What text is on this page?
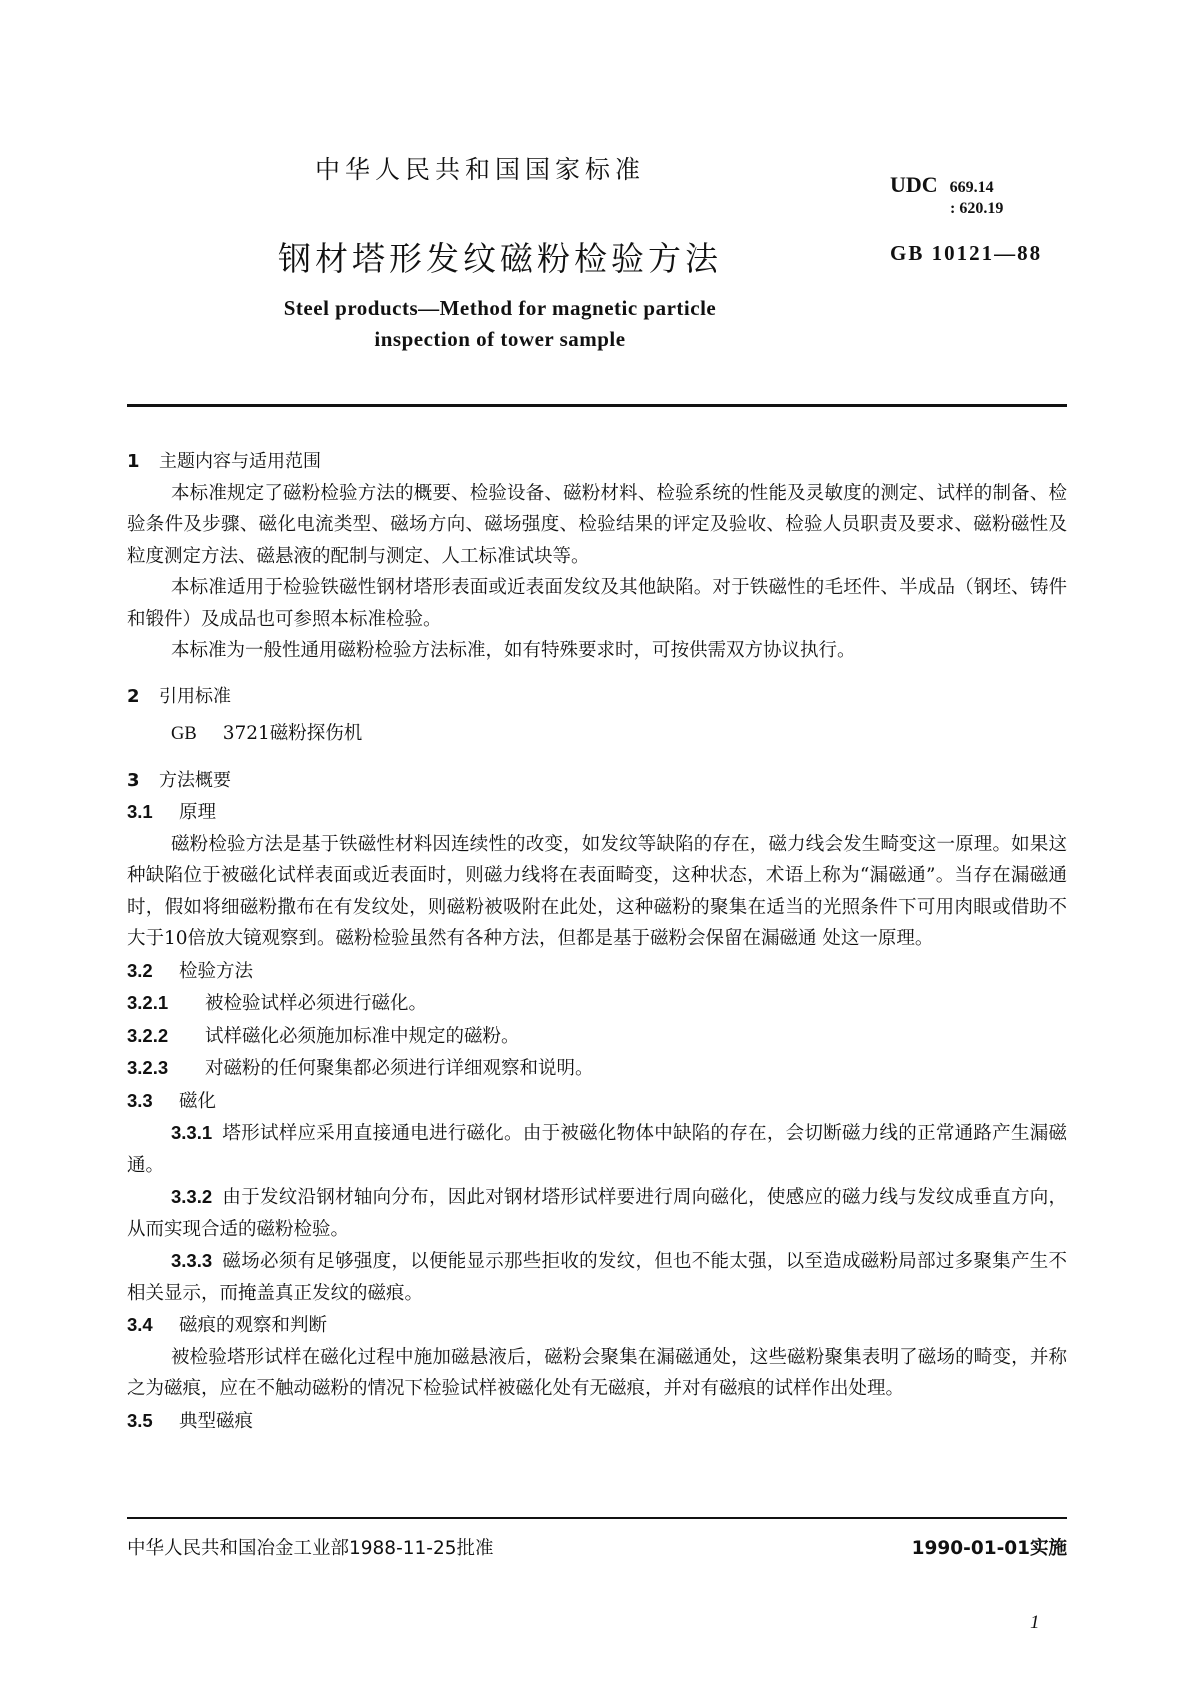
中华人民共和国国家标准
UDC 669.14
: 620.19
钢材塔形发纹磁粉检验方法	GB 10121—88
Steel products—Method for magnetic particle
inspection of tower sample
1 主题内容与适用范围

本标准规定了磁粉检验方法的概要、检验设备、磁粉材料、检验系统的性能及灵敏度的测定、试样的制备、检验条件及步骤、磁化电流类型、磁场方向、磁场强度、检验结果的评定及验收、检验人员职责及要求、磁粉磁性及粒度测定方法、磁悬液的配制与测定、人工标准试块等。

本标准适用于检验铁磁性钢材塔形表面或近表面发纹及其他缺陷。对于铁磁性的毛坯件、半成品（钢坯、铸件和锻件）及成品也可参照本标准检验。

本标准为一般性通用磁粉检验方法标准，如有特殊要求时，可按供需双方协议执行。

2 引用标准
GB 3721磁粉探伤机
3 方法概要
3.1 原理

磁粉检验方法是基于铁磁性材料因连续性的改变，如发纹等缺陷的存在，磁力线会发生畸变这一原理。如果这种缺陷位于被磁化试样表面或近表面时，则磁力线将在表面畸变，这种状态，术语上称为“漏磁通”。当存在漏磁通时，假如将细磁粉撒布在有发纹处，则磁粉被吸附在此处，这种磁粉的聚集在适当的光照条件下可用肉眼或借助不大于10倍放大镜观察到。磁粉检验虽然有各种方法，但都是基于磁粉会保留在漏磁通 处这一原理。

3.2 检验方法
3.2.1 被检验试样必须进行磁化。
3.2.2 试样磁化必须施加标准中规定的磁粉。
3.2.3 对磁粉的任何聚集都必须进行详细观察和说明。
3.3 磁化

3.3.1 塔形试样应采用直接通电进行磁化。由于被磁化物体中缺陷的存在，会切断磁力线的正常通路产生漏磁通。

3.3.2 由于发纹沿钢材轴向分布，因此对钢材塔形试样要进行周向磁化，使感应的磁力线与发纹成垂直方向，从而实现合适的磁粉检验。

3.3.3 磁场必须有足够强度，以便能显示那些拒收的发纹，但也不能太强，以至造成磁粉局部过多聚集产生不相关显示，而掩盖真正发纹的磁痕。

3.4 磁痕的观察和判断

被检验塔形试样在磁化过程中施加磁悬液后，磁粉会聚集在漏磁通处，这些磁粉聚集表明了磁场的畸变，并称之为磁痕，应在不触动磁粉的情况下检验试样被磁化处有无磁痕，并对有磁痕的试样作出处理。

3.5 典型磁痕
中华人民共和国冶金工业部1988-11-25批准	1990-01-01实施
1
